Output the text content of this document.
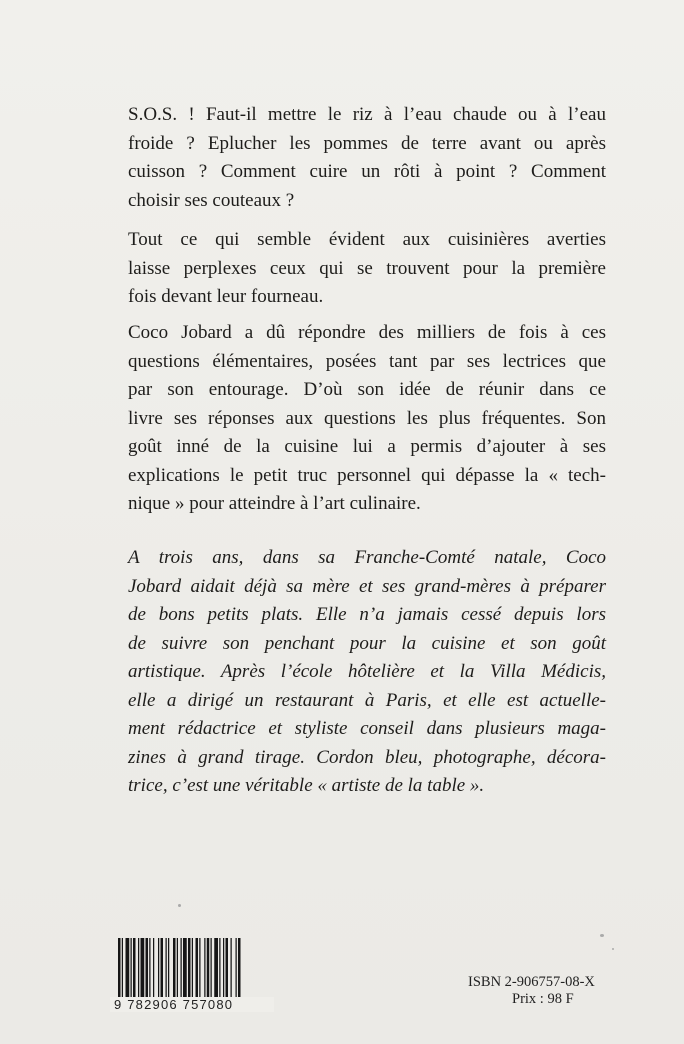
S.O.S. ! Faut-il mettre le riz à l’eau chaude ou à l’eau
froide ? Eplucher les pommes de terre avant ou après
cuisson ? Comment cuire un rôti à point ? Comment
choisir ses couteaux ?

Tout ce qui semble évident aux cuisinières averties
laisse perplexes ceux qui se trouvent pour la première
fois devant leur fourneau.

Coco Jobard a dû répondre des milliers de fois à ces
questions élémentaires, posées tant par ses lectrices que
par son entourage. D’où son idée de réunir dans ce
livre ses réponses aux questions les plus fréquentes. Son
goût inné de la cuisine lui a permis d’ajouter à ses
explications le petit truc personnel qui dépasse la « tech-
nique » pour atteindre à l’art culinaire.

A trois ans, dans sa Franche-Comté natale, Coco
Jobard aidait déjà sa mère et ses grand-mères à préparer
de bons petits plats. Elle n’a jamais cessé depuis lors
de suivre son penchant pour la cuisine et son goût
artistique. Après l’école hôtelière et la Villa Médicis,
elle a dirigé un restaurant à Paris, et elle est actuelle-
ment rédactrice et styliste conseil dans plusieurs maga-
zines à grand tirage. Cordon bleu, photographe, décora-
trice, c’est une véritable « artiste de la table ».

9 782906 757080
ISBN 2-906757-08-X
Prix : 98 F
